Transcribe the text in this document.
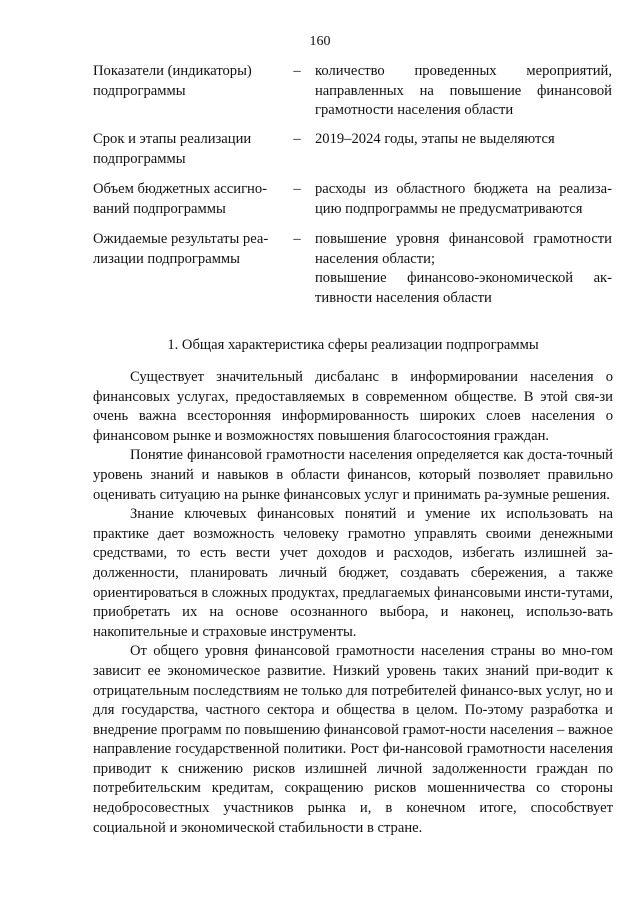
160
Показатели (индикаторы) подпрограммы
– количество проведенных мероприятий, направленных на повышение финансовой грамотности населения области

Срок и этапы реализации подпрограммы
– 2019–2024 годы, этапы не выделяются

Объем бюджетных ассигно-ваний подпрограммы
– расходы из областного бюджета на реализа-цию подпрограммы не предусматриваются

Ожидаемые результаты реа-лизации подпрограммы
– повышение уровня финансовой грамотности населения области;

повышение финансово-экономической ак-тивности населения области

1. Общая характеристика сферы реализации подпрограммы

Существует значительный дисбаланс в информировании населения о финансовых услугах, предоставляемых в современном обществе. В этой свя-зи очень важна всесторонняя информированность широких слоев населения о финансовом рынке и возможностях повышения благосостояния граждан.

Понятие финансовой грамотности населения определяется как доста-точный уровень знаний и навыков в области финансов, который позволяет правильно оценивать ситуацию на рынке финансовых услуг и принимать ра-зумные решения.

Знание ключевых финансовых понятий и умение их использовать на практике дает возможность человеку грамотно управлять своими денежными средствами, то есть вести учет доходов и расходов, избегать излишней за-долженности, планировать личный бюджет, создавать сбережения, а также ориентироваться в сложных продуктах, предлагаемых финансовыми инсти-тутами, приобретать их на основе осознанного выбора, и наконец, использо-вать накопительные и страховые инструменты.

От общего уровня финансовой грамотности населения страны во мно-гом зависит ее экономическое развитие. Низкий уровень таких знаний при-водит к отрицательным последствиям не только для потребителей финансо-вых услуг, но и для государства, частного сектора и общества в целом. По-этому разработка и внедрение программ по повышению финансовой грамот-ности населения – важное направление государственной политики. Рост фи-нансовой грамотности населения приводит к снижению рисков излишней личной задолженности граждан по потребительским кредитам, сокращению рисков мошенничества со стороны недобросовестных участников рынка и, в конечном итоге, способствует социальной и экономической стабильности в стране.
